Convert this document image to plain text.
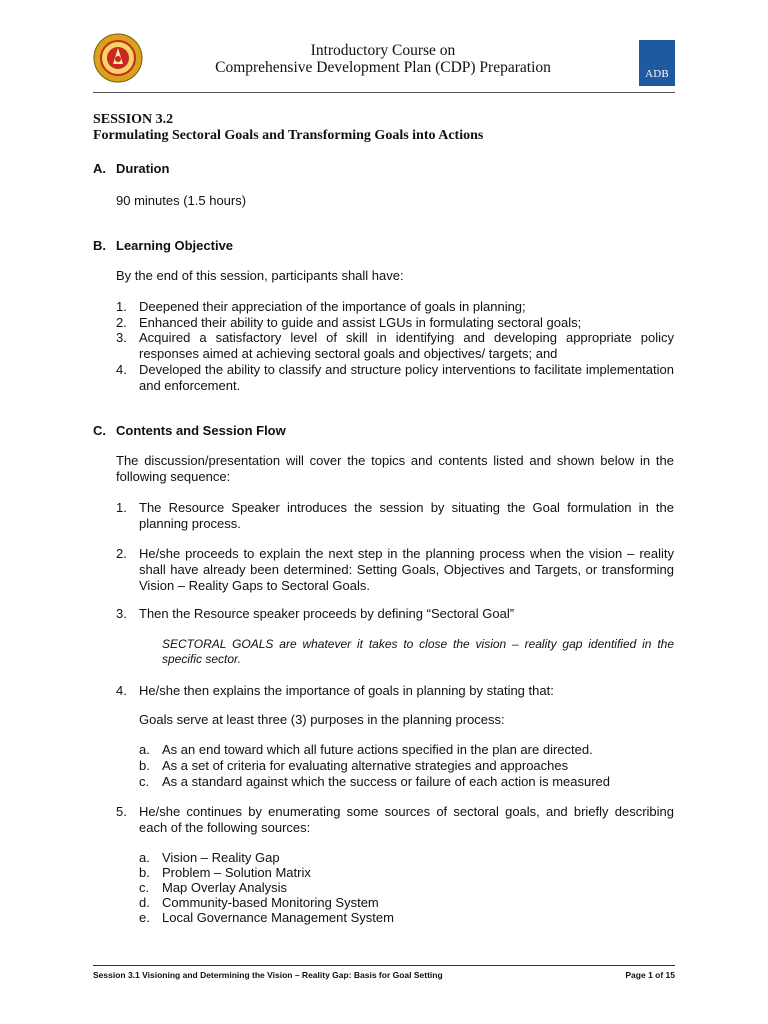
Introductory Course on
Comprehensive Development Plan (CDP) Preparation	ADB
SESSION 3.2
Formulating Sectoral Goals and Transforming Goals into Actions
A. Duration
90 minutes (1.5 hours)
B. Learning Objective
By the end of this session, participants shall have:
1. Deepened their appreciation of the importance of goals in planning;
2. Enhanced their ability to guide and assist LGUs in formulating sectoral goals;
3. Acquired a satisfactory level of skill in identifying and developing appropriate policy responses aimed at achieving sectoral goals and objectives/ targets; and
4. Developed the ability to classify and structure policy interventions to facilitate implementation and enforcement.
C. Contents and Session Flow
The discussion/presentation will cover the topics and contents listed and shown below in the following sequence:
1. The Resource Speaker introduces the session by situating the Goal formulation in the planning process.
2. He/she proceeds to explain the next step in the planning process when the vision – reality shall have already been determined: Setting Goals, Objectives and Targets, or transforming Vision – Reality Gaps to Sectoral Goals.
3. Then the Resource speaker proceeds by defining “Sectoral Goal”
SECTORAL GOALS are whatever it takes to close the vision – reality gap identified in the specific sector.
4. He/she then explains the importance of goals in planning by stating that:
Goals serve at least three (3) purposes in the planning process:
a. As an end toward which all future actions specified in the plan are directed.
b. As a set of criteria for evaluating alternative strategies and approaches
c. As a standard against which the success or failure of each action is measured
5. He/she continues by enumerating some sources of sectoral goals, and briefly describing each of the following sources:
a. Vision – Reality Gap
b. Problem – Solution Matrix
c. Map Overlay Analysis
d. Community-based Monitoring System
e. Local Governance Management System
Session 3.1 Visioning and Determining the Vision – Reality Gap: Basis for Goal Setting	Page 1 of 15
